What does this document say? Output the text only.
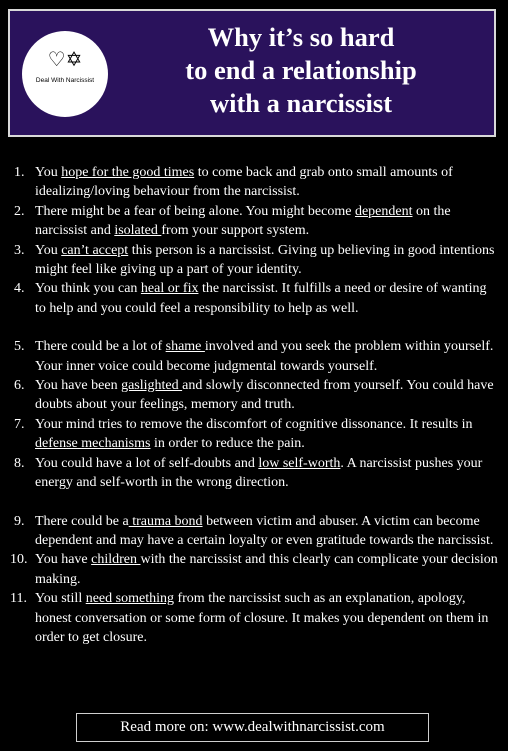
♡✡
Deal With Narcissist
Why it’s so hard
to end a relationship
with a narcissist
1. You hope for the good times to come back and grab onto small amounts of idealizing/loving behaviour from the narcissist.
2. There might be a fear of being alone. You might become dependent on the narcissist and isolated from your support system.
3. You can’t accept this person is a narcissist. Giving up believing in good intentions might feel like giving up a part of your identity.
4. You think you can heal or fix the narcissist. It fulfills a need or desire of wanting to help and you could feel a responsibility to help as well.
5. There could be a lot of shame involved and you seek the problem within yourself. Your inner voice could become judgmental towards yourself.
6. You have been gaslighted and slowly disconnected from yourself. You could have doubts about your feelings, memory and truth.
7. Your mind tries to remove the discomfort of cognitive dissonance. It results in defense mechanisms in order to reduce the pain.
8. You could have a lot of self-doubts and low self-worth. A narcissist pushes your energy and self-worth in the wrong direction.
9. There could be a trauma bond between victim and abuser. A victim can become dependent and may have a certain loyalty or even gratitude towards the narcissist.
10. You have children with the narcissist and this clearly can complicate your decision making.
11. You still need something from the narcissist such as an explanation, apology, honest conversation or some form of closure. It makes you dependent on them in order to get closure.
Read more on: www.dealwithnarcissist.com
